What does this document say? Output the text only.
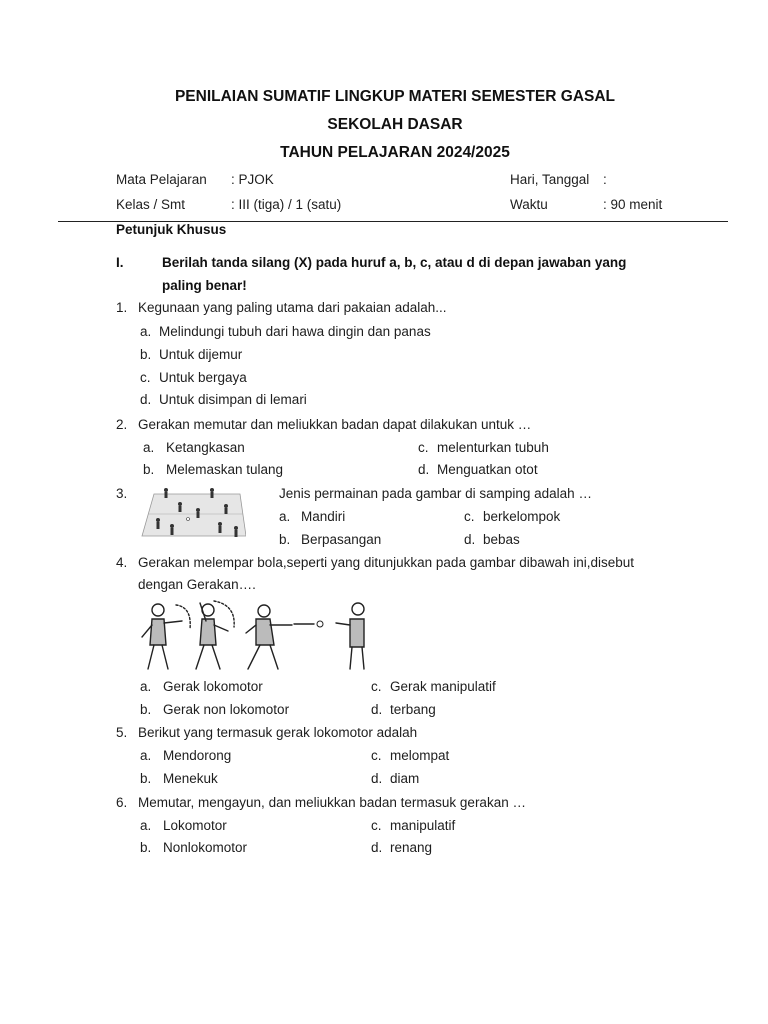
PENILAIAN SUMATIF LINGKUP MATERI SEMESTER GASAL
SEKOLAH DASAR
TAHUN PELAJARAN 2024/2025
Mata Pelajaran : PJOK	Hari, Tanggal :
Kelas / Smt	: III (tiga) / 1 (satu)	Waktu	: 90 menit
Petunjuk Khusus
I.	Berilah tanda silang (X) pada huruf a, b, c, atau d di depan jawaban yang
paling benar!
1. Kegunaan yang paling utama dari pakaian adalah...
a. Melindungi tubuh dari hawa dingin dan panas
b. Untuk dijemur
c. Untuk bergaya
d. Untuk disimpan di lemari
2. Gerakan memutar dan meliukkan badan dapat dilakukan untuk …
a. Ketangkasan
b. Melemaskan tulang
c. melenturkan tubuh
d. Menguatkan otot
3.	Jenis permainan pada gambar di samping adalah …
a. Mandiri
b. Berpasangan
c. berkelompok
d. bebas
4. Gerakan melempar bola,seperti yang ditunjukkan pada gambar dibawah ini,disebut
dengan Gerakan….
a. Gerak lokomotor
b. Gerak non lokomotor
c. Gerak manipulatif
d. terbang
5. Berikut yang termasuk gerak lokomotor adalah
a. Mendorong
b. Menekuk
c. melompat
d. diam
6. Memutar, mengayun, dan meliukkan badan termasuk gerakan …
a. Lokomotor
b. Nonlokomotor
c. manipulatif
d. renang
